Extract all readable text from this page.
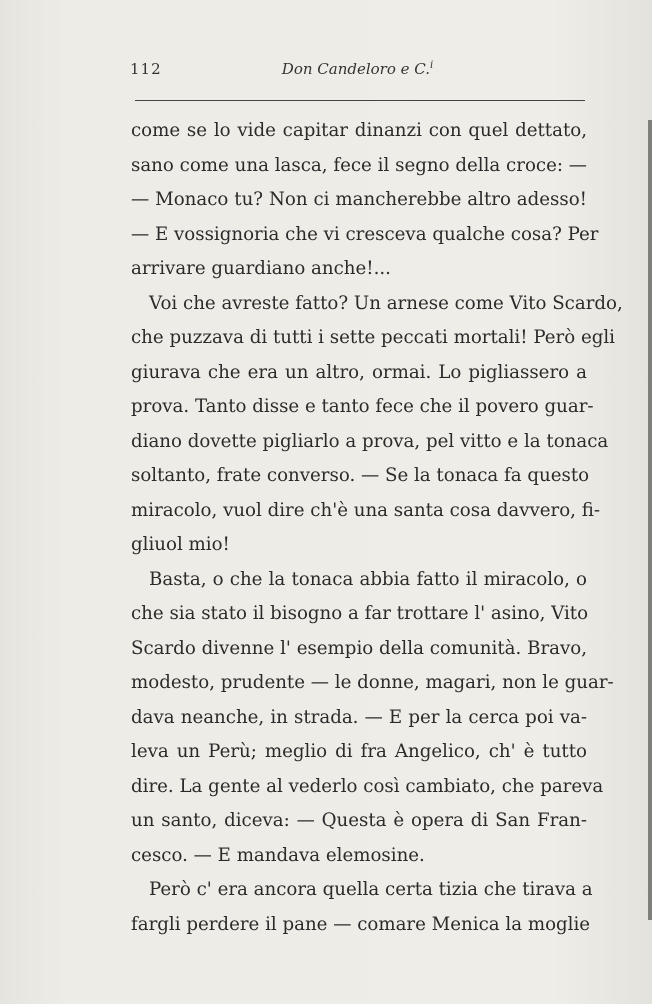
112	Don Candeloro e C.$^i$
come se lo vide capitar dinanzi con quel dettato,
sano come una lasca, fece il segno della croce: —
— Monaco tu? Non ci mancherebbe altro adesso!
— E vossignoria che vi cresceva qualche cosa? Per
arrivare guardiano anche!...
Voi che avreste fatto? Un arnese come Vito Scardo,
che puzzava di tutti i sette peccati mortali! Però egli
giurava che era un altro, ormai. Lo pigliassero a
prova. Tanto disse e tanto fece che il povero guar-
diano dovette pigliarlo a prova, pel vitto e la tonaca
soltanto, frate converso. — Se la tonaca fa questo
miracolo, vuol dire ch'è una santa cosa davvero, fi-
gliuol mio!
Basta, o che la tonaca abbia fatto il miracolo, o
che sia stato il bisogno a far trottare l' asino, Vito
Scardo divenne l' esempio della comunità. Bravo,
modesto, prudente — le donne, magari, non le guar-
dava neanche, in strada. — E per la cerca poi va-
leva un Perù; meglio di fra Angelico, ch' è tutto
dire. La gente al vederlo così cambiato, che pareva
un santo, diceva: — Questa è opera di San Fran-
cesco. — E mandava elemosine.
Però c' era ancora quella certa tizia che tirava a
fargli perdere il pane — comare Menica la moglie
